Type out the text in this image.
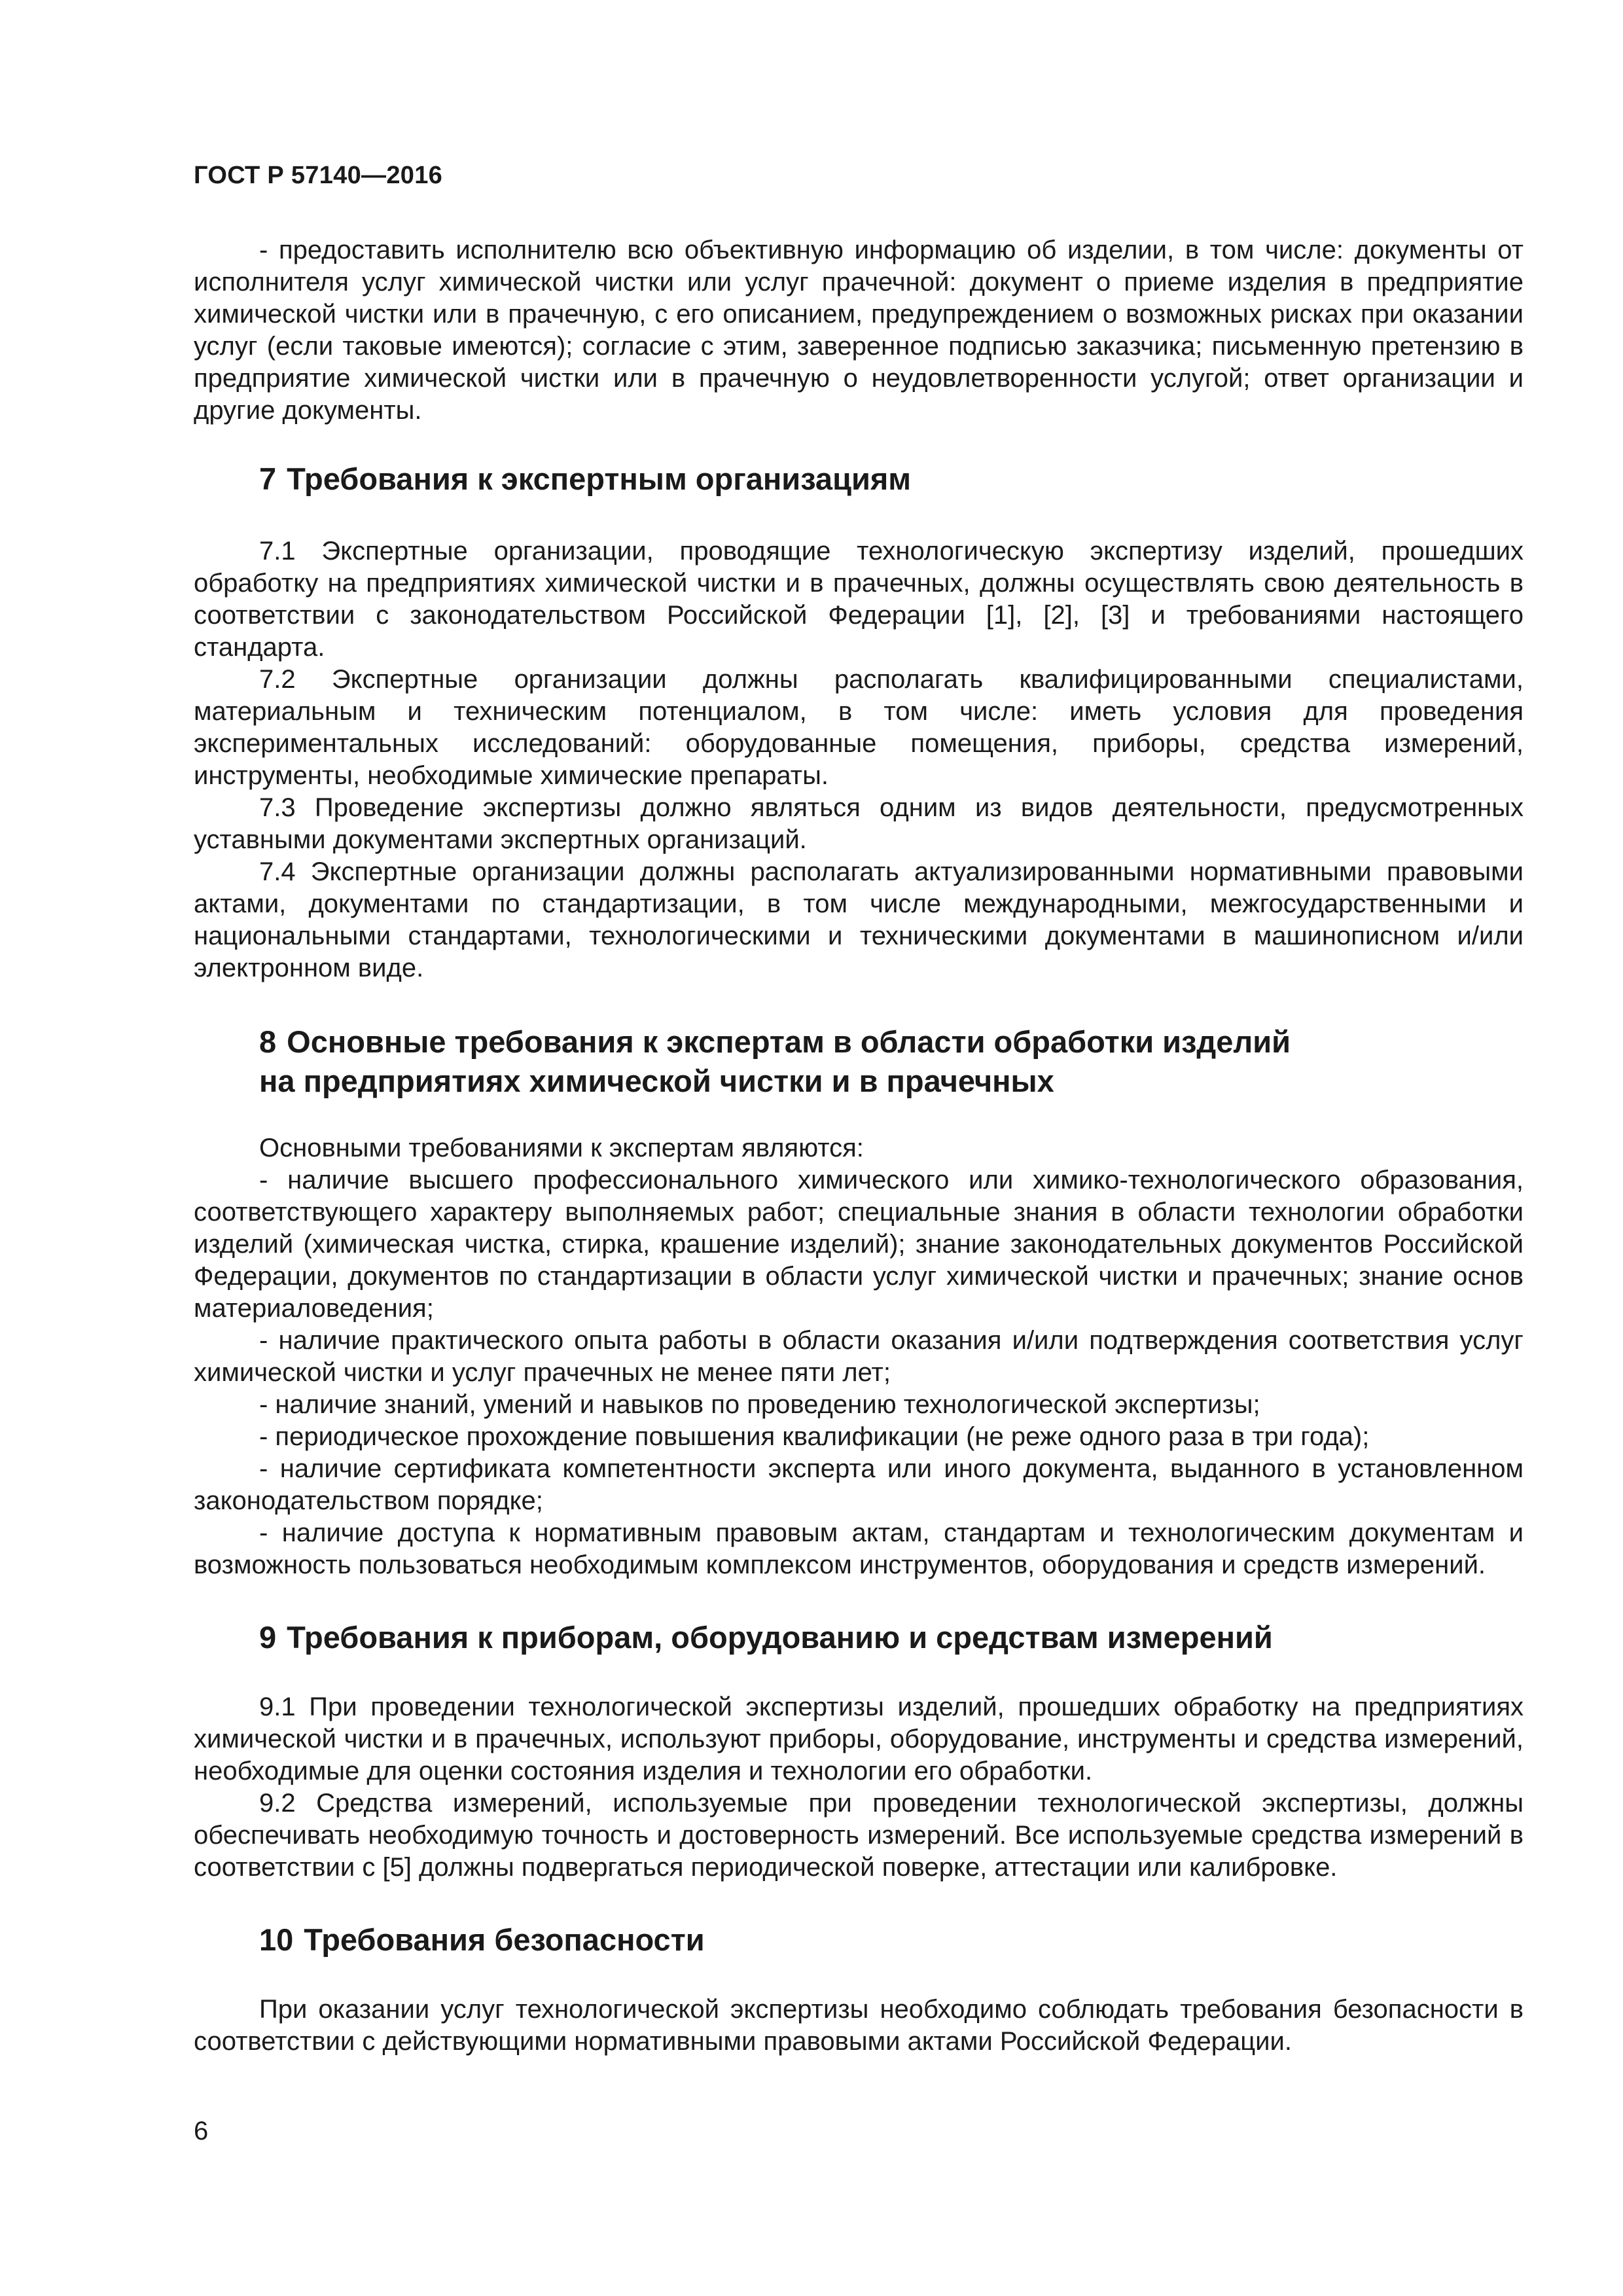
ГОСТ Р 57140—2016

- предоставить исполнителю всю объективную информацию об изделии, в том числе: документы от исполнителя услуг химической чистки или услуг прачечной: документ о приеме изделия в предприятие химической чистки или в прачечную, с его описанием, предупреждением о возможных рисках при оказании услуг (если таковые имеются); согласие с этим, заверенное подписью заказчика; письменную претензию в предприятие химической чистки или в прачечную о неудовлетворенности услугой; ответ организации и другие документы.

7 Требования к экспертным организациям

7.1 Экспертные организации, проводящие технологическую экспертизу изделий, прошедших обработку на предприятиях химической чистки и в прачечных, должны осуществлять свою деятельность в соответствии с законодательством Российской Федерации [1], [2], [3] и требованиями настоящего стандарта.

7.2 Экспертные организации должны располагать квалифицированными специалистами, материальным и техническим потенциалом, в том числе: иметь условия для проведения экспериментальных исследований: оборудованные помещения, приборы, средства измерений, инструменты, необходимые химические препараты.

7.3 Проведение экспертизы должно являться одним из видов деятельности, предусмотренных уставными документами экспертных организаций.

7.4 Экспертные организации должны располагать актуализированными нормативными правовыми актами, документами по стандартизации, в том числе международными, межгосударственными и национальными стандартами, технологическими и техническими документами в машинописном и/или электронном виде.

8 Основные требования к экспертам в области обработки изделий
на предприятиях химической чистки и в прачечных

Основными требованиями к экспертам являются:

- наличие высшего профессионального химического или химико-технологического образования, соответствующего характеру выполняемых работ; специальные знания в области технологии обработки изделий (химическая чистка, стирка, крашение изделий); знание законодательных документов Российской Федерации, документов по стандартизации в области услуг химической чистки и прачечных; знание основ материаловедения;

- наличие практического опыта работы в области оказания и/или подтверждения соответствия услуг химической чистки и услуг прачечных не менее пяти лет;

- наличие знаний, умений и навыков по проведению технологической экспертизы;

- периодическое прохождение повышения квалификации (не реже одного раза в три года);

- наличие сертификата компетентности эксперта или иного документа, выданного в установленном законодательством порядке;

- наличие доступа к нормативным правовым актам, стандартам и технологическим документам и возможность пользоваться необходимым комплексом инструментов, оборудования и средств измерений.

9 Требования к приборам, оборудованию и средствам измерений

9.1 При проведении технологической экспертизы изделий, прошедших обработку на предприятиях химической чистки и в прачечных, используют приборы, оборудование, инструменты и средства измерений, необходимые для оценки состояния изделия и технологии его обработки.

9.2 Средства измерений, используемые при проведении технологической экспертизы, должны обеспечивать необходимую точность и достоверность измерений. Все используемые средства измерений в соответствии с [5] должны подвергаться периодической поверке, аттестации или калибровке.

10 Требования безопасности

При оказании услуг технологической экспертизы необходимо соблюдать требования безопасности в соответствии с действующими нормативными правовыми актами Российской Федерации.

6
